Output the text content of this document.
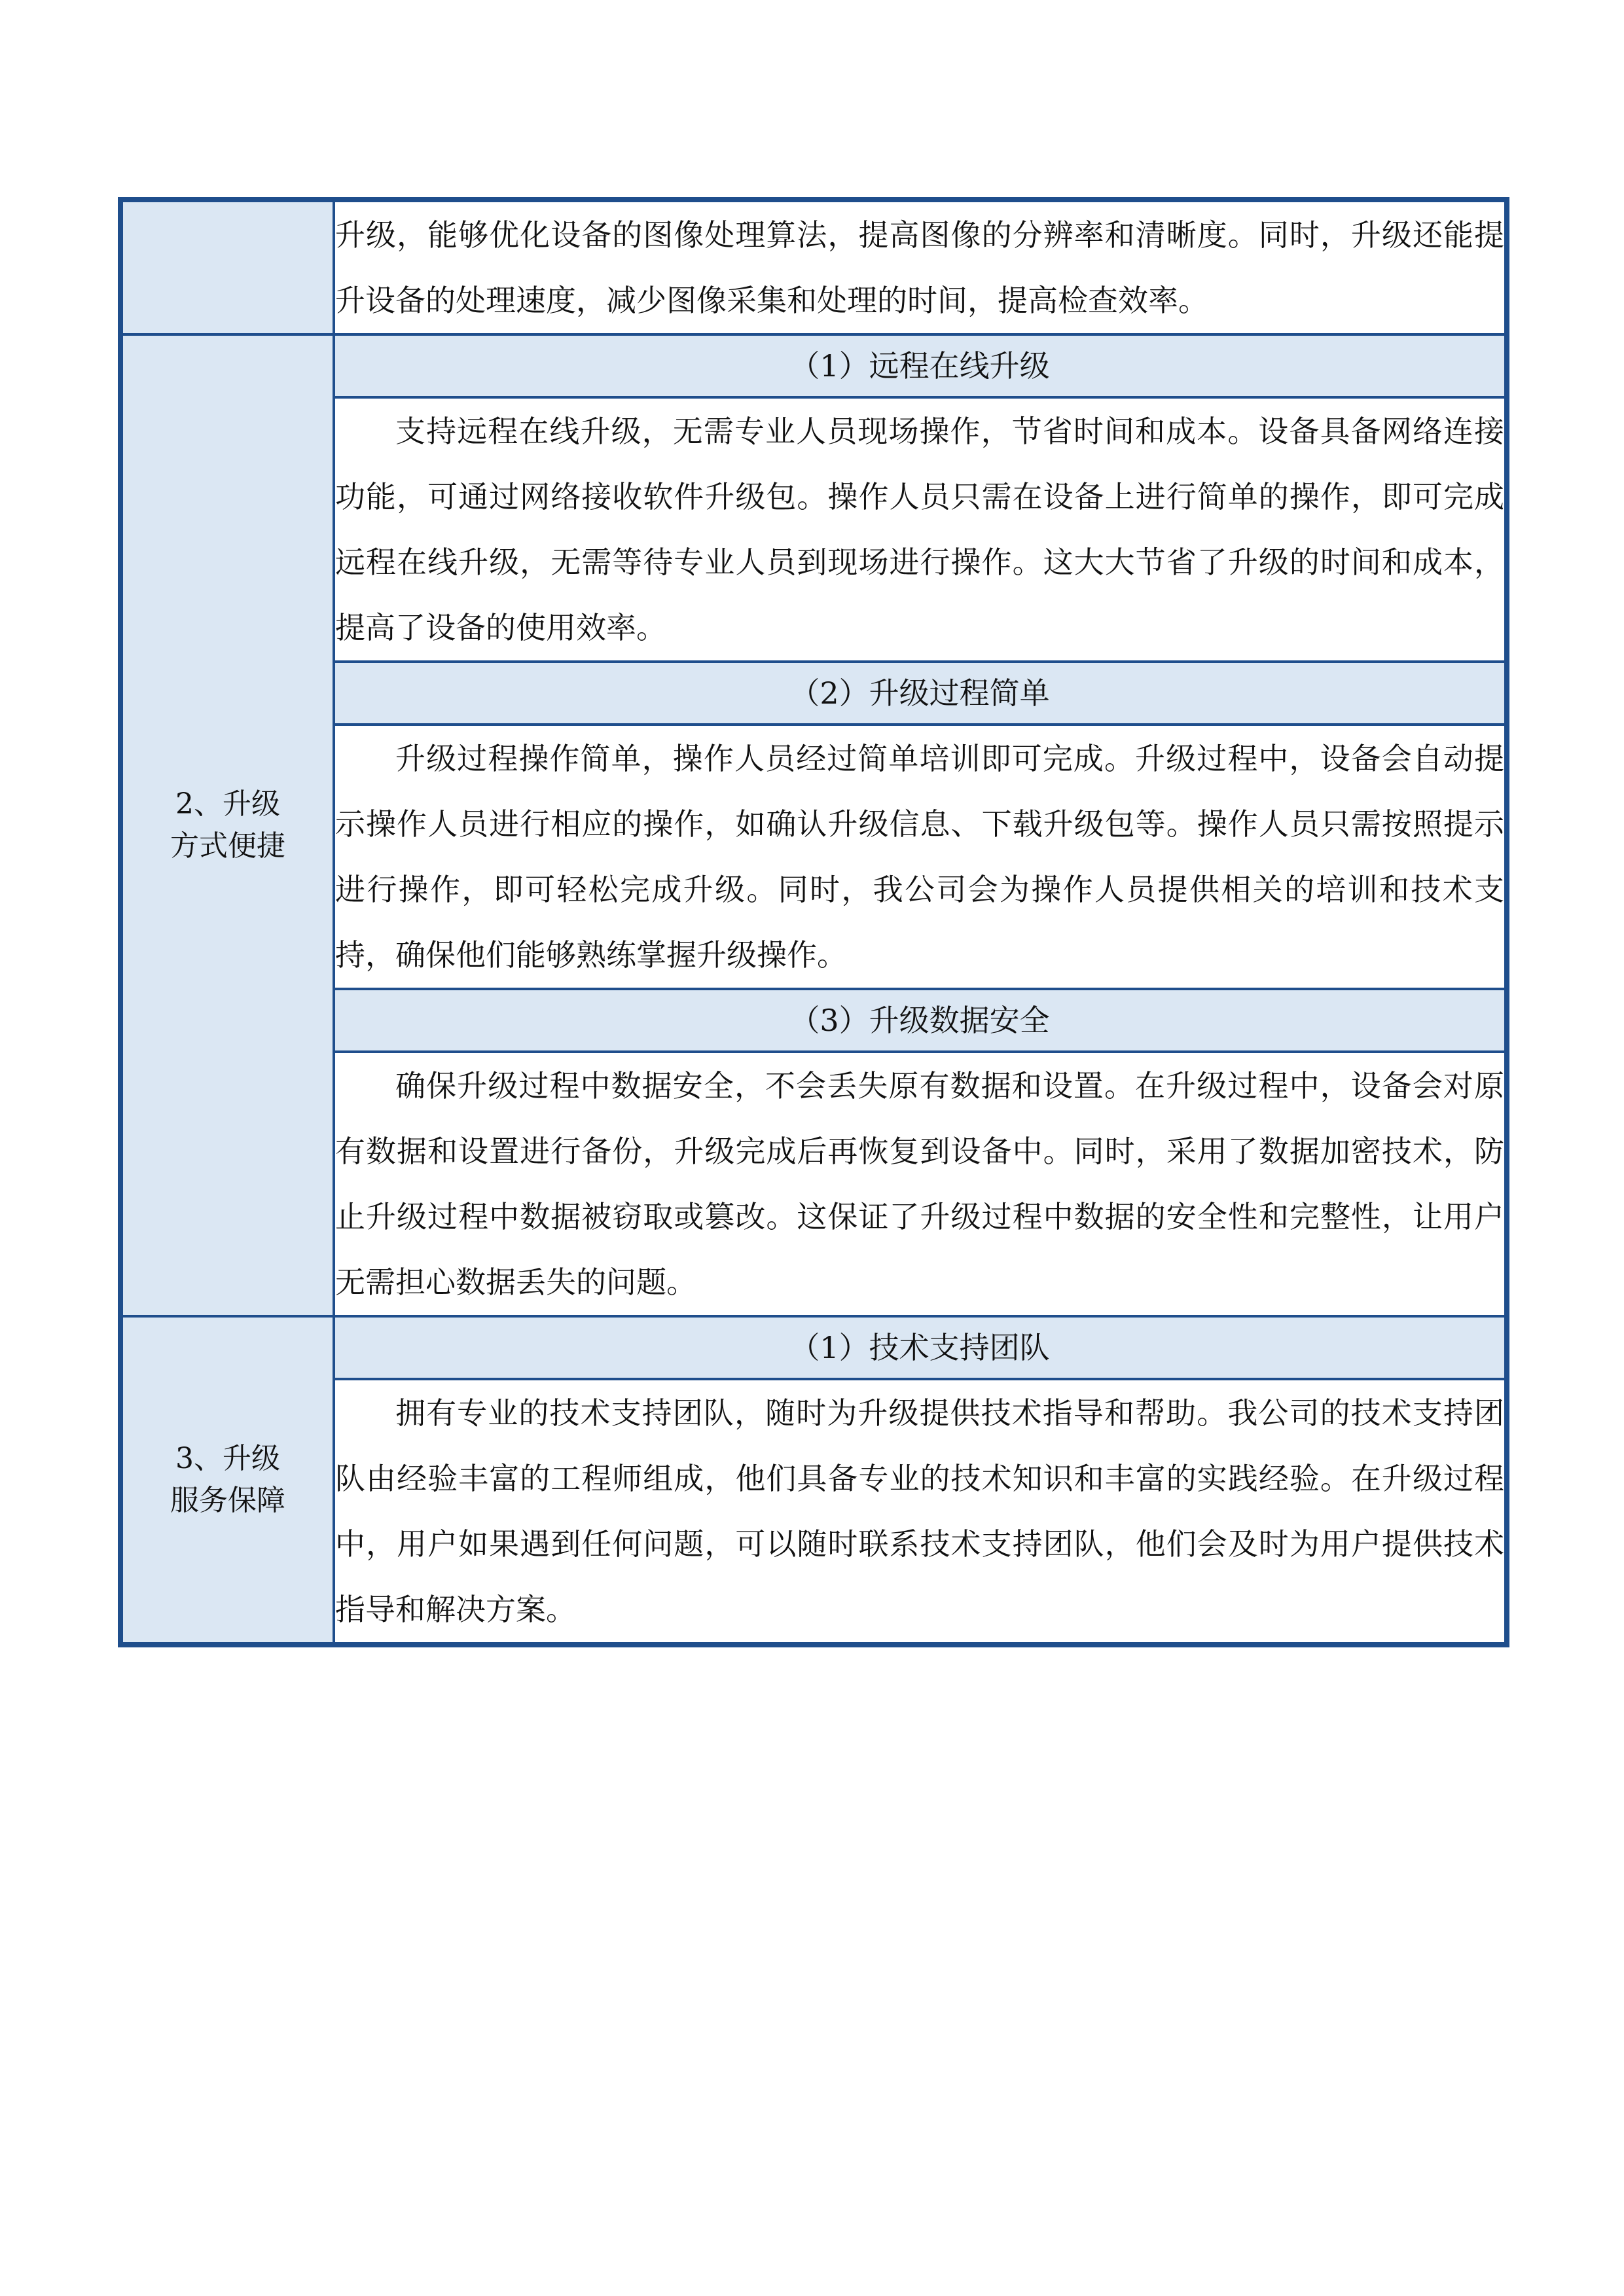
	升级，能够优化设备的图像处理算法，提高图像的分辨率和清晰度。同时，升级还能提升设备的处理速度，减少图像采集和处理的时间，提高检查效率。

2、升级方式便捷	（1）远程在线升级

	支持远程在线升级，无需专业人员现场操作，节省时间和成本。设备具备网络连接功能，可通过网络接收软件升级包。操作人员只需在设备上进行简单的操作，即可完成远程在线升级，无需等待专业人员到现场进行操作。这大大节省了升级的时间和成本，提高了设备的使用效率。

	（2）升级过程简单

	升级过程操作简单，操作人员经过简单培训即可完成。升级过程中，设备会自动提示操作人员进行相应的操作，如确认升级信息、下载升级包等。操作人员只需按照提示进行操作，即可轻松完成升级。同时，我公司会为操作人员提供相关的培训和技术支持，确保他们能够熟练掌握升级操作。

	（3）升级数据安全

	确保升级过程中数据安全，不会丢失原有数据和设置。在升级过程中，设备会对原有数据和设置进行备份，升级完成后再恢复到设备中。同时，采用了数据加密技术，防止升级过程中数据被窃取或篡改。这保证了升级过程中数据的安全性和完整性，让用户无需担心数据丢失的问题。

3、升级服务保障	（1）技术支持团队

	拥有专业的技术支持团队，随时为升级提供技术指导和帮助。我公司的技术支持团队由经验丰富的工程师组成，他们具备专业的技术知识和丰富的实践经验。在升级过程中，用户如果遇到任何问题，可以随时联系技术支持团队，他们会及时为用户提供技术指导和解决方案。
